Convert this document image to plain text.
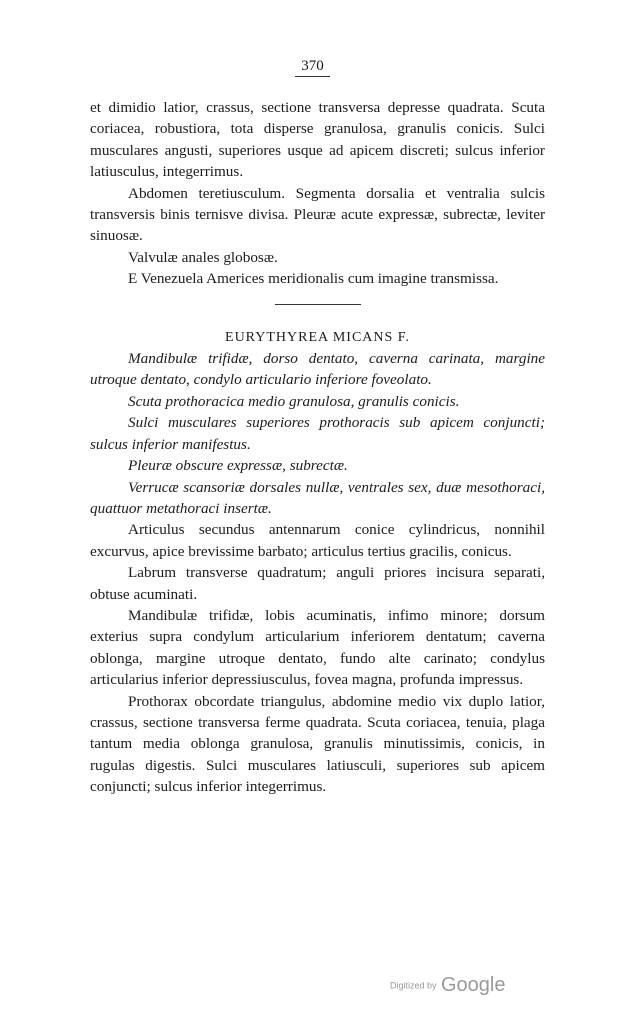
370

et dimidio latior, crassus, sectione transversa depresse quadrata. Scuta coriacea, robustiora, tota disperse granulosa, granulis conicis. Sulci musculares angusti, superiores usque ad apicem discreti; sulcus inferior latiusculus, integerrimus.

Abdomen teretiusculum. Segmenta dorsalia et ventralia sulcis transversis binis ternisve divisa. Pleuræ acute expressæ, subrectæ, leviter sinuosæ.

Valvulæ anales globosæ.

E Venezuela Americes meridionalis cum imagine transmissa.

EURYTHYREA MICANS F.

Mandibulæ trifidæ, dorso dentato, caverna carinata, margine utroque dentato, condylo articulario inferiore foveolato.

Scuta prothoracica medio granulosa, granulis conicis.

Sulci musculares superiores prothoracis sub apicem conjuncti; sulcus inferior manifestus.

Pleuræ obscure expressæ, subrectæ.

Verrucæ scansoriæ dorsales nullæ, ventrales sex, duæ mesothoraci, quattuor metathoraci insertæ.

Articulus secundus antennarum conice cylindricus, nonnihil excurvus, apice brevissime barbato; articulus tertius gracilis, conicus.

Labrum transverse quadratum; anguli priores incisura separati, obtuse acuminati.

Mandibulæ trifidæ, lobis acuminatis, infimo minore; dorsum exterius supra condylum articularium inferiorem dentatum; caverna oblonga, margine utroque dentato, fundo alte carinato; condylus articularius inferior depressiusculus, fovea magna, profunda impressus.

Prothorax obcordate triangulus, abdomine medio vix duplo latior, crassus, sectione transversa ferme quadrata. Scuta coriacea, tenuia, plaga tantum media oblonga granulosa, granulis minutissimis, conicis, in rugulas digestis. Sulci musculares latiusculi, superiores sub apicem conjuncti; sulcus inferior integerrimus.

Digitized by Google
